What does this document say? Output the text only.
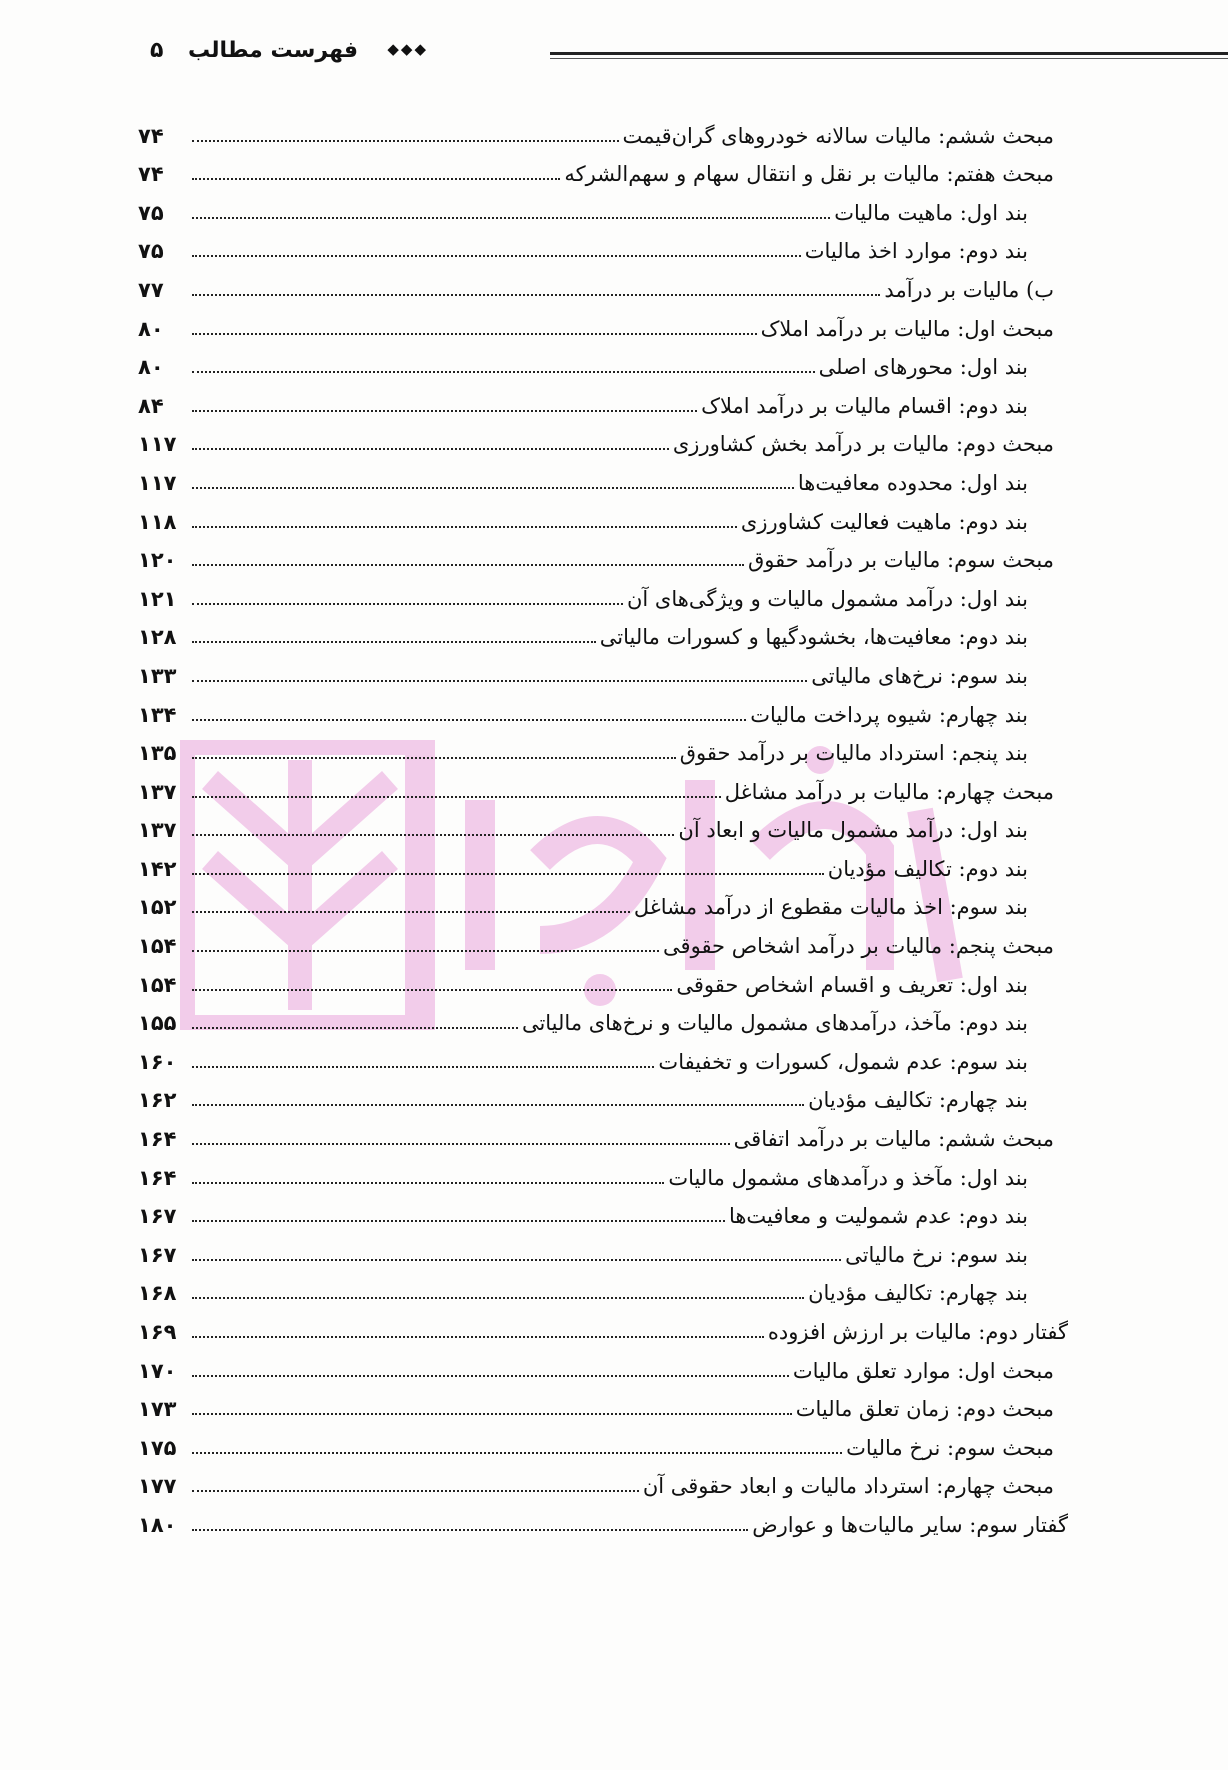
فهرست مطالب ◆◆◆
۵
۷۴	مبحث ششم: مالیات سالانه خودروهای گران‌قیمت
۷۴	مبحث هفتم: مالیات بر نقل و انتقال سهام و سهم‌الشرکه
۷۵	بند اول: ماهیت مالیات
۷۵	بند دوم: موارد اخذ مالیات
۷۷	ب) مالیات بر درآمد
۸۰	مبحث اول: مالیات بر درآمد املاک
۸۰	بند اول: محورهای اصلی
۸۴	بند دوم: اقسام مالیات بر درآمد املاک
۱۱۷	مبحث دوم: مالیات بر درآمد بخش کشاورزی
۱۱۷	بند اول: محدوده معافیت‌ها
۱۱۸	بند دوم: ماهیت فعالیت کشاورزی
۱۲۰	مبحث سوم: مالیات بر درآمد حقوق
۱۲۱	بند اول: درآمد مشمول مالیات و ویژگی‌های آن
۱۲۸	بند دوم: معافیت‌ها، بخشودگیها و کسورات مالیاتی
۱۳۳	بند سوم: نرخ‌های مالیاتی
۱۳۴	بند چهارم: شیوه پرداخت مالیات
۱۳۵	بند پنجم: استرداد مالیات بر درآمد حقوق
۱۳۷	مبحث چهارم: مالیات بر درآمد مشاغل
۱۳۷	بند اول: درآمد مشمول مالیات و ابعاد آن
۱۴۲	بند دوم: تکالیف مؤدیان
۱۵۲	بند سوم: اخذ مالیات مقطوع از درآمد مشاغل
۱۵۴	مبحث پنجم: مالیات بر درآمد اشخاص حقوقی
۱۵۴	بند اول: تعریف و اقسام اشخاص حقوقی
۱۵۵	بند دوم: مآخذ، درآمدهای مشمول مالیات و نرخ‌های مالیاتی
۱۶۰	بند سوم: عدم شمول، کسورات و تخفیفات
۱۶۲	بند چهارم: تکالیف مؤدیان
۱۶۴	مبحث ششم: مالیات بر درآمد اتفاقی
۱۶۴	بند اول: مآخذ و درآمدهای مشمول مالیات
۱۶۷	بند دوم: عدم شمولیت و معافیت‌ها
۱۶۷	بند سوم: نرخ مالیاتی
۱۶۸	بند چهارم: تکالیف مؤدیان
۱۶۹	گفتار دوم: مالیات بر ارزش افزوده
۱۷۰	مبحث اول: موارد تعلق مالیات
۱۷۳	مبحث دوم: زمان تعلق مالیات
۱۷۵	مبحث سوم: نرخ مالیات
۱۷۷	مبحث چهارم: استرداد مالیات و ابعاد حقوقی آن
۱۸۰	گفتار سوم: سایر مالیات‌ها و عوارض
